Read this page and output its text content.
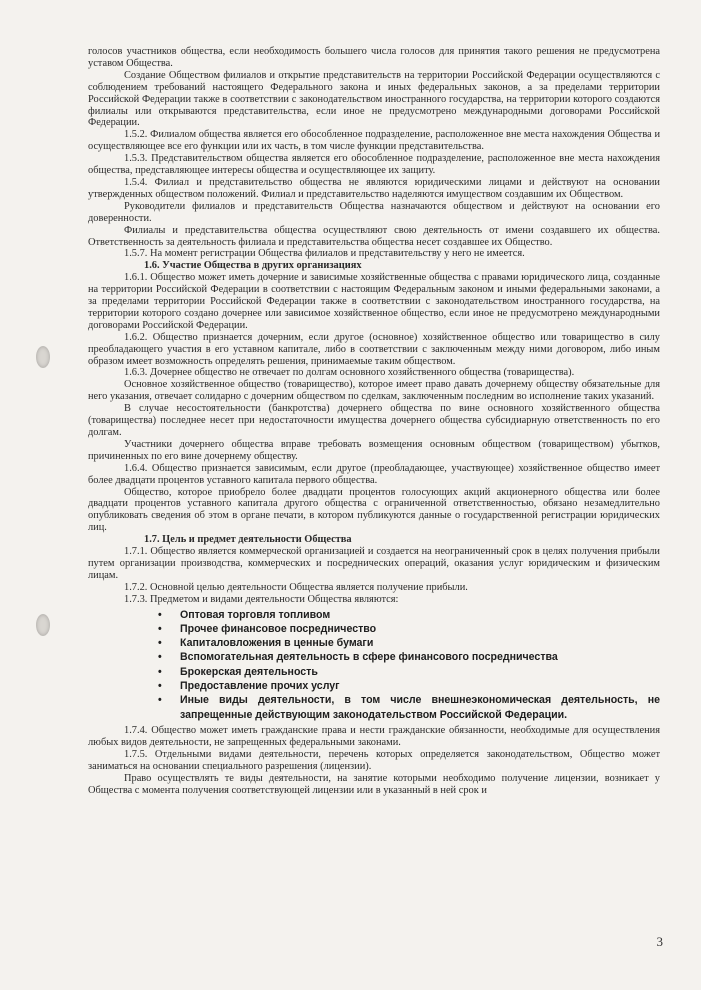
голосов участников общества, если необходимость большего числа голосов для принятия такого решения не предусмотрена уставом Общества.

Создание Обществом филиалов и открытие представительств на территории Российской Федерации осуществляются с соблюдением требований настоящего Федерального закона и иных федеральных законов, а за пределами территории Российской Федерации также в соответствии с законодательством иностранного государства, на территории которого создаются филиалы или открываются представительства, если иное не предусмотрено международными договорами Российской Федерации.

1.5.2. Филиалом общества является его обособленное подразделение, расположенное вне места нахождения Общества и осуществляющее все его функции или их часть, в том числе функции представительства.

1.5.3. Представительством общества является его обособленное подразделение, расположенное вне места нахождения общества, представляющее интересы общества и осуществляющее их защиту.

1.5.4. Филиал и представительство общества не являются юридическими лицами и действуют на основании утвержденных обществом положений. Филиал и представительство наделяются имуществом создавшим их Обществом.

Руководители филиалов и представительств Общества назначаются обществом и действуют на основании его доверенности.

Филиалы и представительства общества осуществляют свою деятельность от имени создавшего их общества. Ответственность за деятельность филиала и представительства общества несет создавшее их Общество.

1.5.7. На момент регистрации Общества филиалов и представительству у него не имеется.

1.6. Участие Общества в других организациях

1.6.1. Общество может иметь дочерние и зависимые хозяйственные общества с правами юридического лица, созданные на территории Российской Федерации в соответствии с настоящим Федеральным законом и иными федеральными законами, а за пределами территории Российской Федерации также в соответствии с законодательством иностранного государства, на территории которого создано дочернее или зависимое хозяйственное общество, если иное не предусмотрено международными договорами Российской Федерации.

1.6.2. Общество признается дочерним, если другое (основное) хозяйственное общество или товарищество в силу преобладающего участия в его уставном капитале, либо в соответствии с заключенным между ними договором, либо иным образом имеет возможность определять решения, принимаемые таким обществом.

1.6.3. Дочернее общество не отвечает по долгам основного хозяйственного общества (товарищества).

Основное хозяйственное общество (товарищество), которое имеет право давать дочернему обществу обязательные для него указания, отвечает солидарно с дочерним обществом по сделкам, заключенным последним во исполнение таких указаний.

В случае несостоятельности (банкротства) дочернего общества по вине основного хозяйственного общества (товарищества) последнее несет при недостаточности имущества дочернего общества субсидиарную ответственность по его долгам.

Участники дочернего общества вправе требовать возмещения основным обществом (товариществом) убытков, причиненных по его вине дочернему обществу.

1.6.4. Общество признается зависимым, если другое (преобладающее, участвующее) хозяйственное общество имеет более двадцати процентов уставного капитала первого общества.

Общество, которое приобрело более двадцати процентов голосующих акций акционерного общества или более двадцати процентов уставного капитала другого общества с ограниченной ответственностью, обязано незамедлительно опубликовать сведения об этом в органе печати, в котором публикуются данные о государственной регистрации юридических лиц.

1.7. Цель и предмет деятельности Общества

1.7.1. Общество является коммерческой организацией и создается на неограниченный срок в целях получения прибыли путем организации производства, коммерческих и посреднических операций, оказания услуг юридическим и физическим лицам.

1.7.2. Основной целью деятельности Общества является получение прибыли.

1.7.3. Предметом и видами деятельности Общества являются:

• Оптовая торговля топливом
• Прочее финансовое посредничество
• Капиталовложения в ценные бумаги
• Вспомогательная деятельность в сфере финансового посредничества
• Брокерская деятельность
• Предоставление прочих услуг
• Иные виды деятельности, в том числе внешнеэкономическая деятельность, не запрещенные действующим законодательством Российской Федерации.

1.7.4. Общество может иметь гражданские права и нести гражданские обязанности, необходимые для осуществления любых видов деятельности, не запрещенных федеральными законами.

1.7.5. Отдельными видами деятельности, перечень которых определяется законодательством, Общество может заниматься на основании специального разрешения (лицензии).

Право осуществлять те виды деятельности, на занятие которыми необходимо получение лицензии, возникает у Общества с момента получения соответствующей лицензии или в указанный в ней срок и

3
